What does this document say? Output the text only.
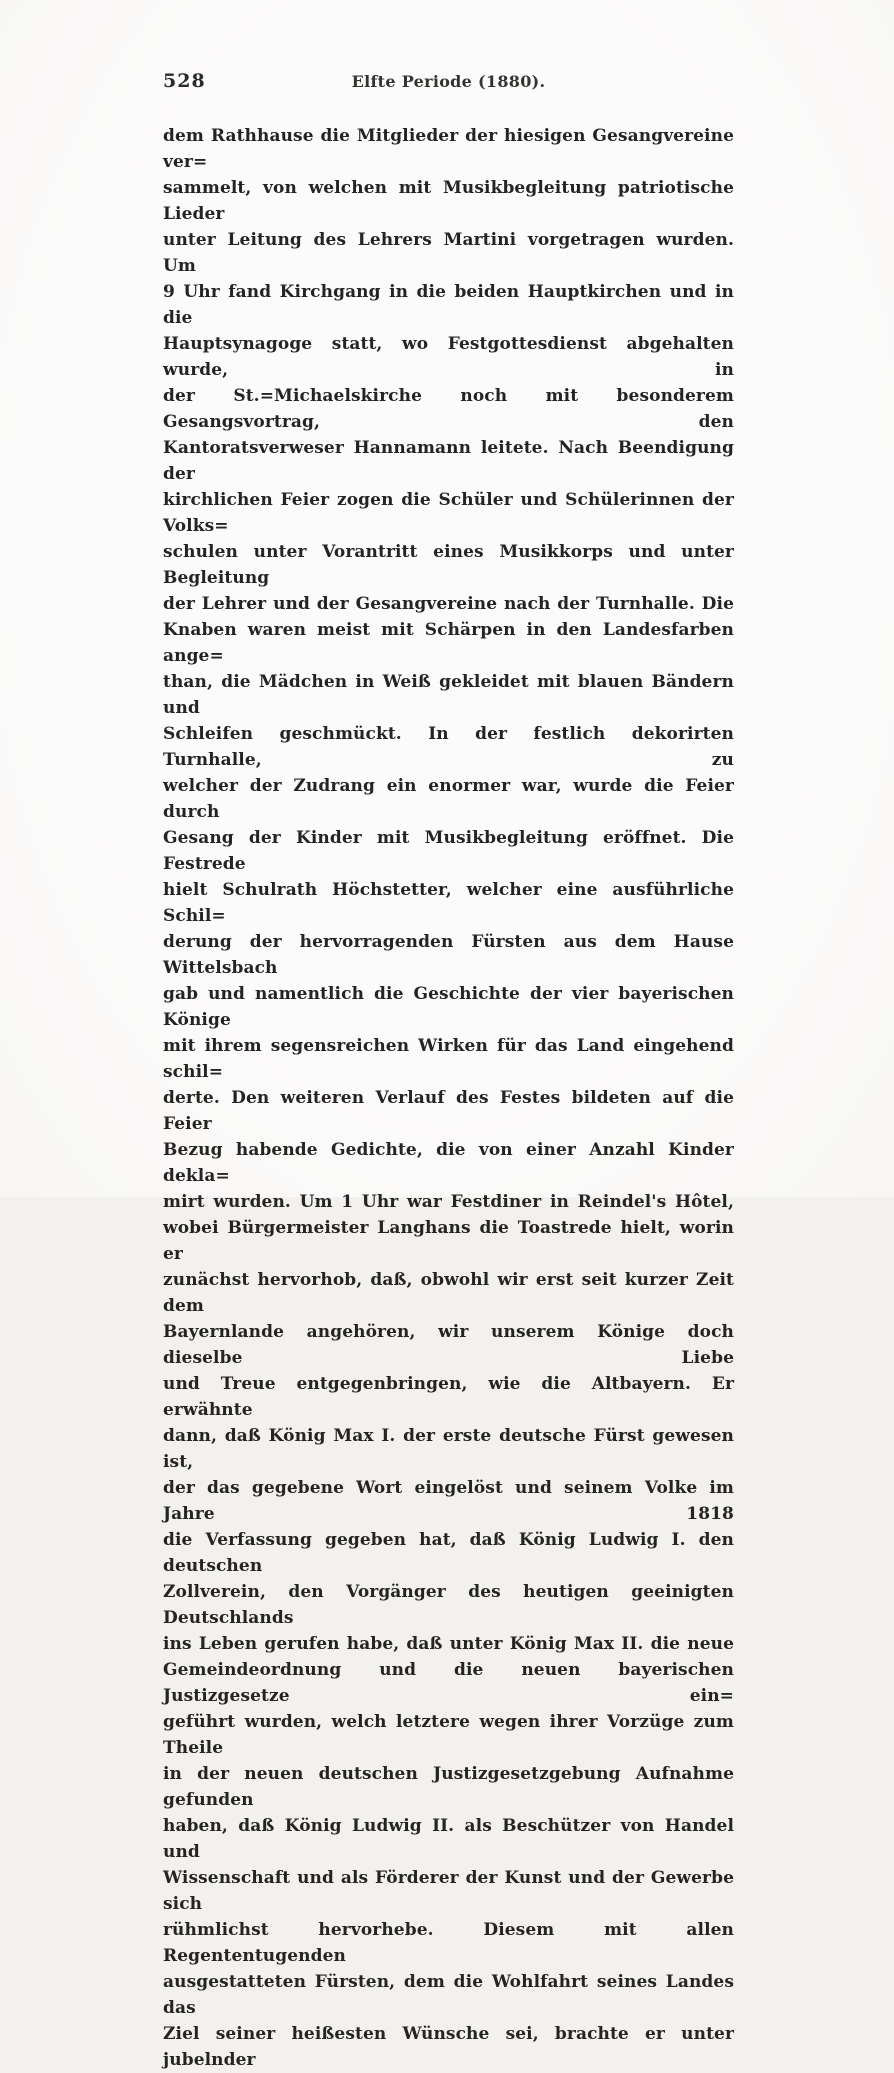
528	Elfte Periode (1880).
dem Rathhause die Mitglieder der hiesigen Gesangvereine ver=
sammelt, von welchen mit Musikbegleitung patriotische Lieder
unter Leitung des Lehrers Martini vorgetragen wurden. Um
9 Uhr fand Kirchgang in die beiden Hauptkirchen und in die
Hauptsynagoge statt, wo Festgottesdienst abgehalten wurde, in
der St.=Michaelskirche noch mit besonderem Gesangsvortrag, den
Kantoratsverweser Hannamann leitete. Nach Beendigung der
kirchlichen Feier zogen die Schüler und Schülerinnen der Volks=
schulen unter Vorantritt eines Musikkorps und unter Begleitung
der Lehrer und der Gesangvereine nach der Turnhalle. Die
Knaben waren meist mit Schärpen in den Landesfarben ange=
than, die Mädchen in Weiß gekleidet mit blauen Bändern und
Schleifen geschmückt. In der festlich dekorirten Turnhalle, zu
welcher der Zudrang ein enormer war, wurde die Feier durch
Gesang der Kinder mit Musikbegleitung eröffnet. Die Festrede
hielt Schulrath Höchstetter, welcher eine ausführliche Schil=
derung der hervorragenden Fürsten aus dem Hause Wittelsbach
gab und namentlich die Geschichte der vier bayerischen Könige
mit ihrem segensreichen Wirken für das Land eingehend schil=
derte. Den weiteren Verlauf des Festes bildeten auf die Feier
Bezug habende Gedichte, die von einer Anzahl Kinder dekla=
mirt wurden. Um 1 Uhr war Festdiner in Reindel's Hôtel,
wobei Bürgermeister Langhans die Toastrede hielt, worin er
zunächst hervorhob, daß, obwohl wir erst seit kurzer Zeit dem
Bayernlande angehören, wir unserem Könige doch dieselbe Liebe
und Treue entgegenbringen, wie die Altbayern. Er erwähnte
dann, daß König Max I. der erste deutsche Fürst gewesen ist,
der das gegebene Wort eingelöst und seinem Volke im Jahre 1818
die Verfassung gegeben hat, daß König Ludwig I. den deutschen
Zollverein, den Vorgänger des heutigen geeinigten Deutschlands
ins Leben gerufen habe, daß unter König Max II. die neue
Gemeindeordnung und die neuen bayerischen Justizgesetze ein=
geführt wurden, welch letztere wegen ihrer Vorzüge zum Theile
in der neuen deutschen Justizgesetzgebung Aufnahme gefunden
haben, daß König Ludwig II. als Beschützer von Handel und
Wissenschaft und als Förderer der Kunst und der Gewerbe sich
rühmlichst hervorhebe. Diesem mit allen Regententugenden
ausgestatteten Fürsten, dem die Wohlfahrt seines Landes das
Ziel seiner heißesten Wünsche sei, brachte er unter jubelnder
